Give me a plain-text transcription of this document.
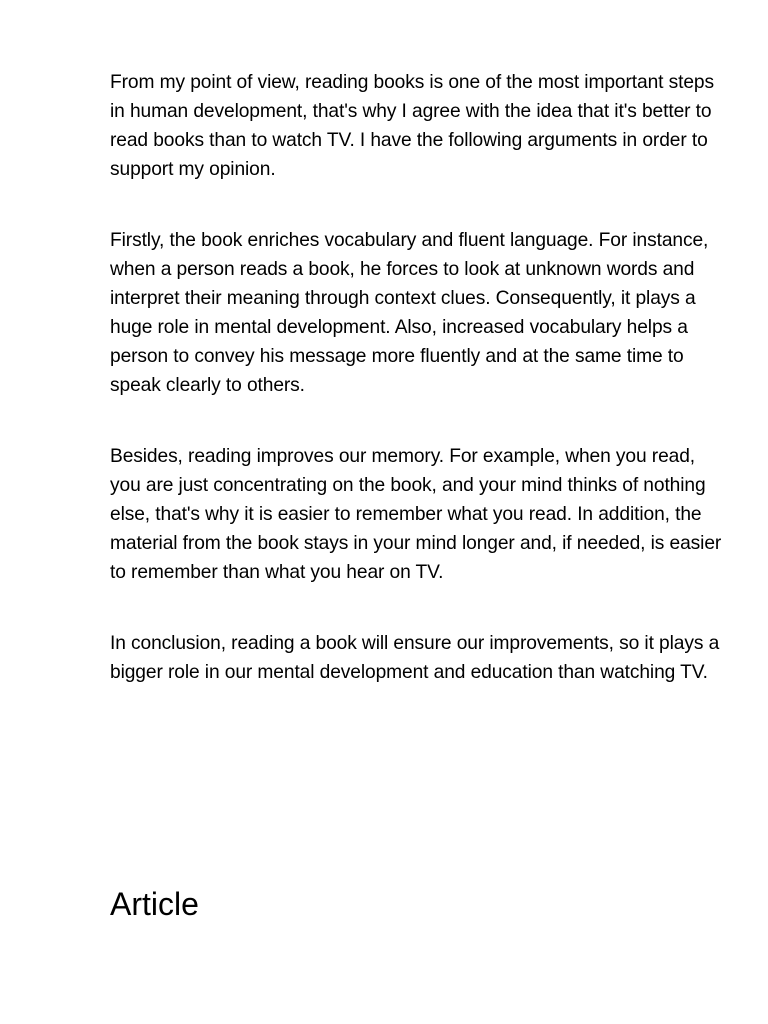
From my point of view, reading books is one of the most important steps in human development, that's why I agree with the idea that it's better to read books than to watch TV. I have the following arguments in order to support my opinion.

Firstly, the book enriches vocabulary and fluent language. For instance, when a person reads a book, he forces to look at unknown words and interpret their meaning through context clues. Consequently, it plays a huge role in mental development. Also, increased vocabulary helps a person to convey his message more fluently and at the same time to speak clearly to others.

Besides, reading improves our memory. For example, when you read, you are just concentrating on the book, and your mind thinks of nothing else, that's why it is easier to remember what you read. In addition, the material from the book stays in your mind longer and, if needed, is easier to remember than what you hear on TV.

In conclusion, reading a book will ensure our improvements, so it plays a bigger role in our mental development and education than watching TV.

Article
